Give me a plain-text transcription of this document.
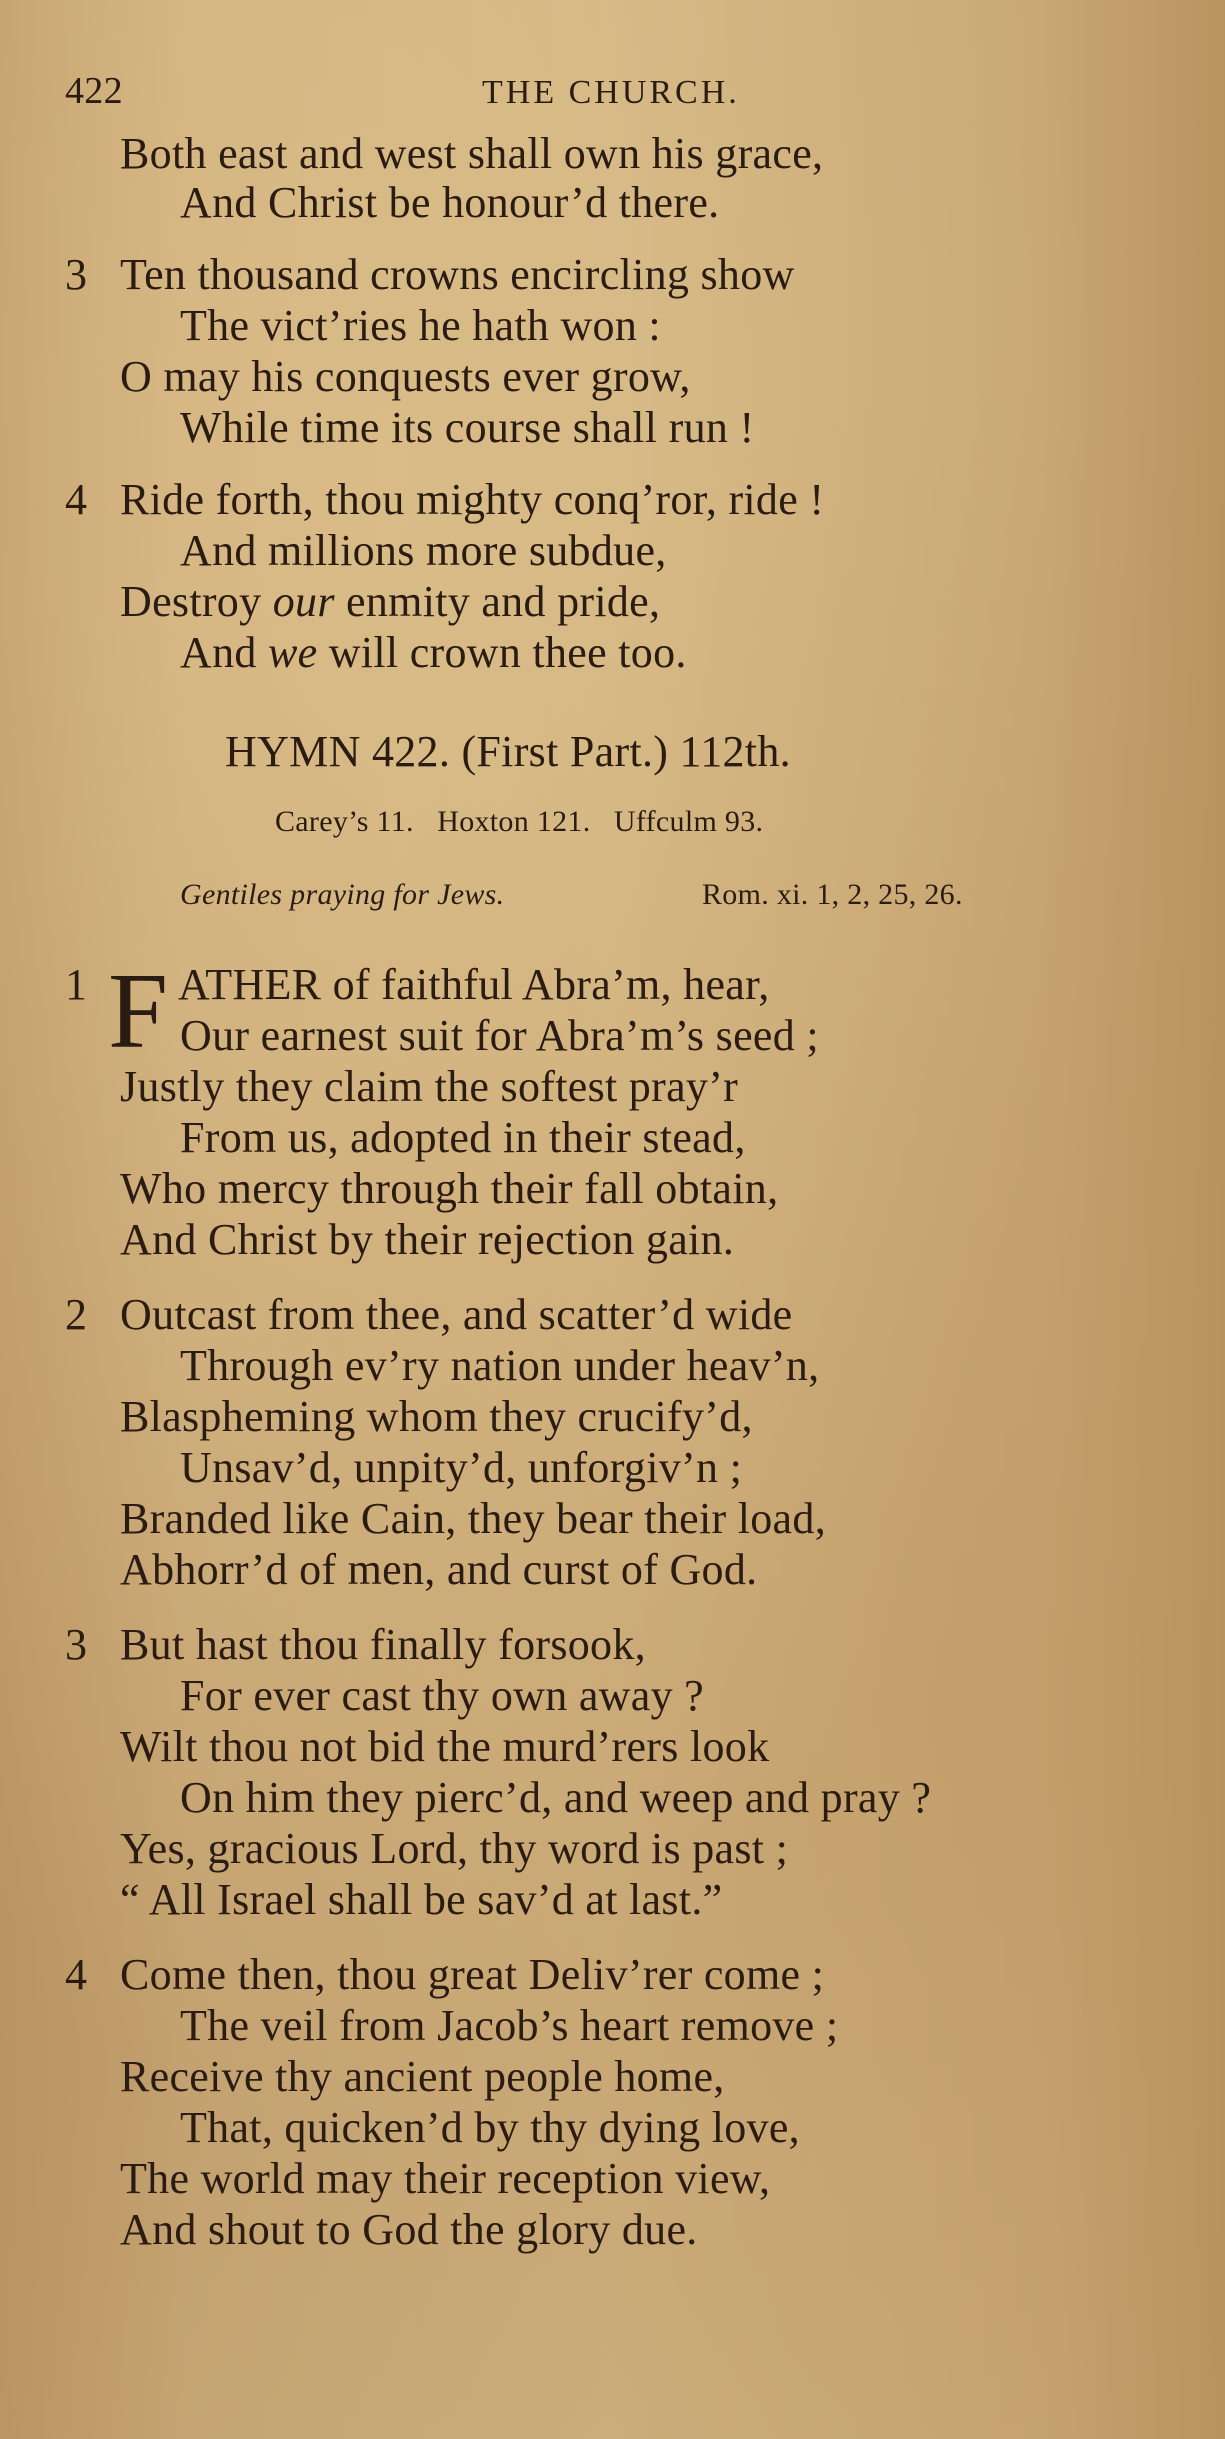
422	THE CHURCH.
Both east and west shall own his grace,
And Christ be honour’d there.
3 Ten thousand crowns encircling show
The vict’ries he hath won :
O may his conquests ever grow,
While time its course shall run !
4 Ride forth, thou mighty conq’ror, ride !
And millions more subdue,
Destroy our enmity and pride,
And we will crown thee too.
HYMN 422. (First Part.) 112th.
Carey’s 11.   Hoxton 121.   Uffculm 93.
Gentiles praying for Jews.	Rom. xi. 1, 2, 25, 26.
1 F ATHER of faithful Abra’m, hear,
Our earnest suit for Abra’m’s seed ;
Justly they claim the softest pray’r
From us, adopted in their stead,
Who mercy through their fall obtain,
And Christ by their rejection gain.
2 Outcast from thee, and scatter’d wide
Through ev’ry nation under heav’n,
Blaspheming whom they crucify’d,
Unsav’d, unpity’d, unforgiv’n ;
Branded like Cain, they bear their load,
Abhorr’d of men, and curst of God.
3 But hast thou finally forsook,
For ever cast thy own away ?
Wilt thou not bid the murd’rers look
On him they pierc’d, and weep and pray ?
Yes, gracious Lord, thy word is past ;
“ All Israel shall be sav’d at last.”
4 Come then, thou great Deliv’rer come ;
The veil from Jacob’s heart remove ;
Receive thy ancient people home,
That, quicken’d by thy dying love,
The world may their reception view,
And shout to God the glory due.
